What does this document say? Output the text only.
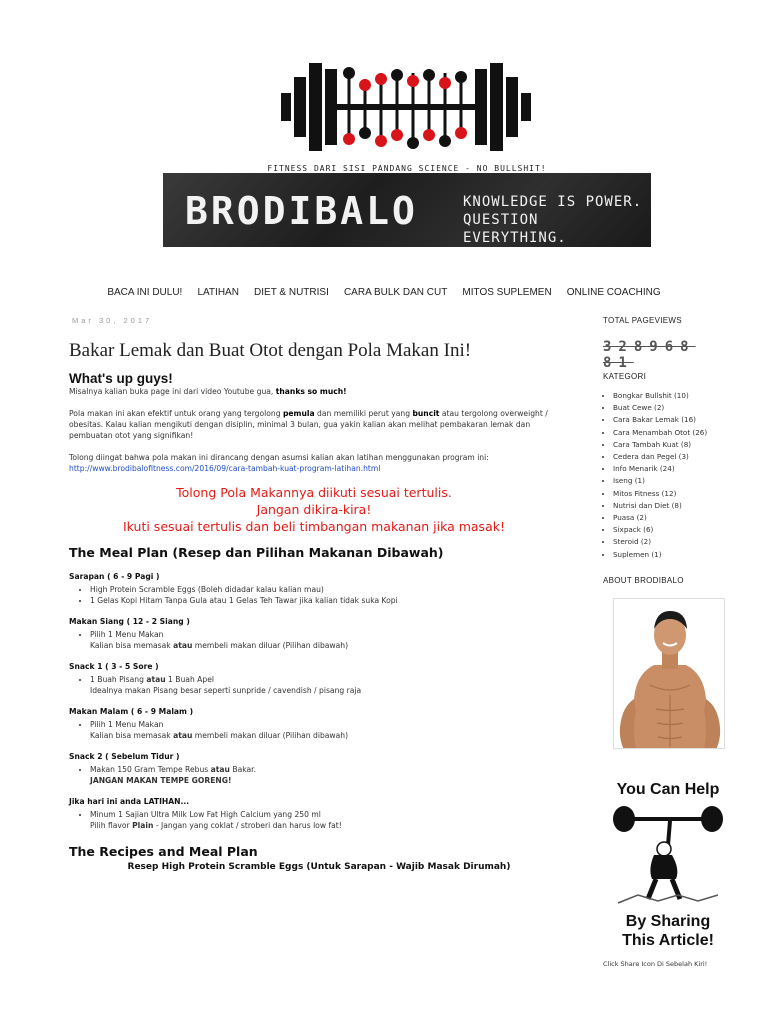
FITNESS DARI SISI PANDANG SCIENCE - NO BULLSHIT!
BRODIBALO	KNOWLEDGE IS POWER.
QUESTION EVERYTHING.
BACA INI DULU! LATIHAN DIET & NUTRISI CARA BULK DAN CUT MITOS SUPLEMEN ONLINE COACHING
Mar 30, 2017
Bakar Lemak dan Buat Otot dengan Pola Makan Ini!
What's up guys!

Misalnya kalian buka page ini dari video Youtube gua, thanks so much!

Pola makan ini akan efektif untuk orang yang tergolong pemula dan memiliki perut yang buncit atau tergolong overweight / obesitas. Kalau kalian mengikuti dengan disiplin, minimal 3 bulan, gua yakin kalian akan melihat pembakaran lemak dan pembuatan otot yang signifikan!

Tolong diingat bahwa pola makan ini dirancang dengan asumsi kalian akan latihan menggunakan program ini:
http://www.brodibalofitness.com/2016/09/cara-tambah-kuat-program-latihan.html

Tolong Pola Makannya diikuti sesuai tertulis.
Jangan dikira-kira!
Ikuti sesuai tertulis dan beli timbangan makanan jika masak!
The Meal Plan (Resep dan Pilihan Makanan Dibawah)
Sarapan ( 6 - 9 Pagi )
• High Protein Scramble Eggs (Boleh didadar kalau kalian mau)
• 1 Gelas Kopi Hitam Tanpa Gula atau 1 Gelas Teh Tawar jika kalian tidak suka Kopi
Makan Siang ( 12 - 2 Siang )
• Pilih 1 Menu Makan
Kalian bisa memasak atau membeli makan diluar (Pilihan dibawah)
Snack 1 ( 3 - 5 Sore )
• 1 Buah Pisang atau 1 Buah Apel
Idealnya makan Pisang besar seperti sunpride / cavendish / pisang raja
Makan Malam ( 6 - 9 Malam )
• Pilih 1 Menu Makan
Kalian bisa memasak atau membeli makan diluar (Pilihan dibawah)
Snack 2 ( Sebelum Tidur )
• Makan 150 Gram Tempe Rebus atau Bakar.
JANGAN MAKAN TEMPE GORENG!
Jika hari ini anda LATIHAN...
• Minum 1 Sajian Ultra Milk Low Fat High Calcium yang 250 ml
Pilih flavor Plain - Jangan yang coklat / stroberi dan harus low fat!
The Recipes and Meal Plan
Resep High Protein Scramble Eggs (Untuk Sarapan - Wajib Masak Dirumah)
TOTAL PAGEVIEWS
328968
81
KATEGORI
• Bongkar Bullshit (10)
• Buat Cewe (2)
• Cara Bakar Lemak (16)
• Cara Menambah Otot (26)
• Cara Tambah Kuat (8)
• Cedera dan Pegel (3)
• Info Menarik (24)
• Iseng (1)
• Mitos Fitness (12)
• Nutrisi dan Diet (8)
• Puasa (2)
• Sixpack (6)
• Steroid (2)
• Suplemen (1)
ABOUT BRODIBALO
You Can Help
By Sharing
This Article!
Click Share Icon Di Sebelah Kiri!
